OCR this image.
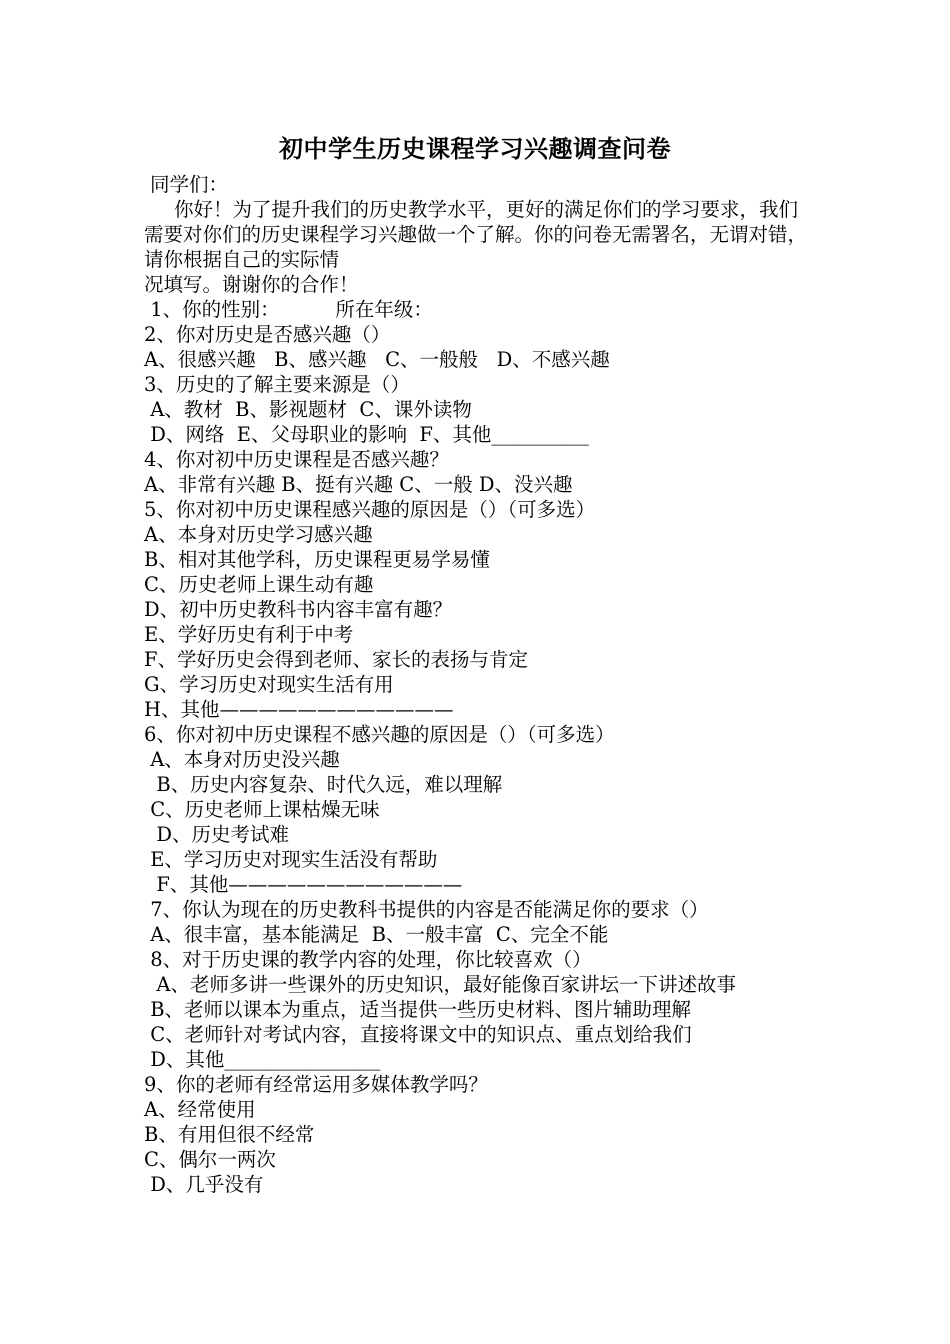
初中学生历史课程学习兴趣调查问卷
同学们：
你好！为了提升我们的历史教学水平，更好的满足你们的学习要求，我们需要对你们的历史课程学习兴趣做一个了解。你的问卷无需署名，无谓对错，请你根据自己的实际情
况填写。谢谢你的合作！
1、你的性别：         所在年级：
2、你对历史是否感兴趣（）
A、很感兴趣   B、感兴趣   C、一般般   D、不感兴趣
3、历史的了解主要来源是（）
A、教材  B、影视题材  C、课外读物
D、网络  E、父母职业的影响  F、其他__________
4、你对初中历史课程是否感兴趣？
A、非常有兴趣 B、挺有兴趣 C、一般 D、没兴趣
5、你对初中历史课程感兴趣的原因是（）（可多选）
A、本身对历史学习感兴趣
B、相对其他学科，历史课程更易学易懂
C、历史老师上课生动有趣
D、初中历史教科书内容丰富有趣？
E、学好历史有利于中考
F、学好历史会得到老师、家长的表扬与肯定
G、学习历史对现实生活有用
H、其他————————————
6、你对初中历史课程不感兴趣的原因是（）（可多选）
A、本身对历史没兴趣
B、历史内容复杂、时代久远，难以理解
C、历史老师上课枯燥无味
D、历史考试难
E、学习历史对现实生活没有帮助
F、其他————————————
7、你认为现在的历史教科书提供的内容是否能满足你的要求（）
A、很丰富，基本能满足  B、一般丰富  C、完全不能
8、对于历史课的教学内容的处理，你比较喜欢（）
A、老师多讲一些课外的历史知识，最好能像百家讲坛一下讲述故事
B、老师以课本为重点，适当提供一些历史材料、图片辅助理解
C、老师针对考试内容，直接将课文中的知识点、重点划给我们
D、其他________________
9、你的老师有经常运用多媒体教学吗？
A、经常使用
B、有用但很不经常
C、偶尔一两次
D、几乎没有
